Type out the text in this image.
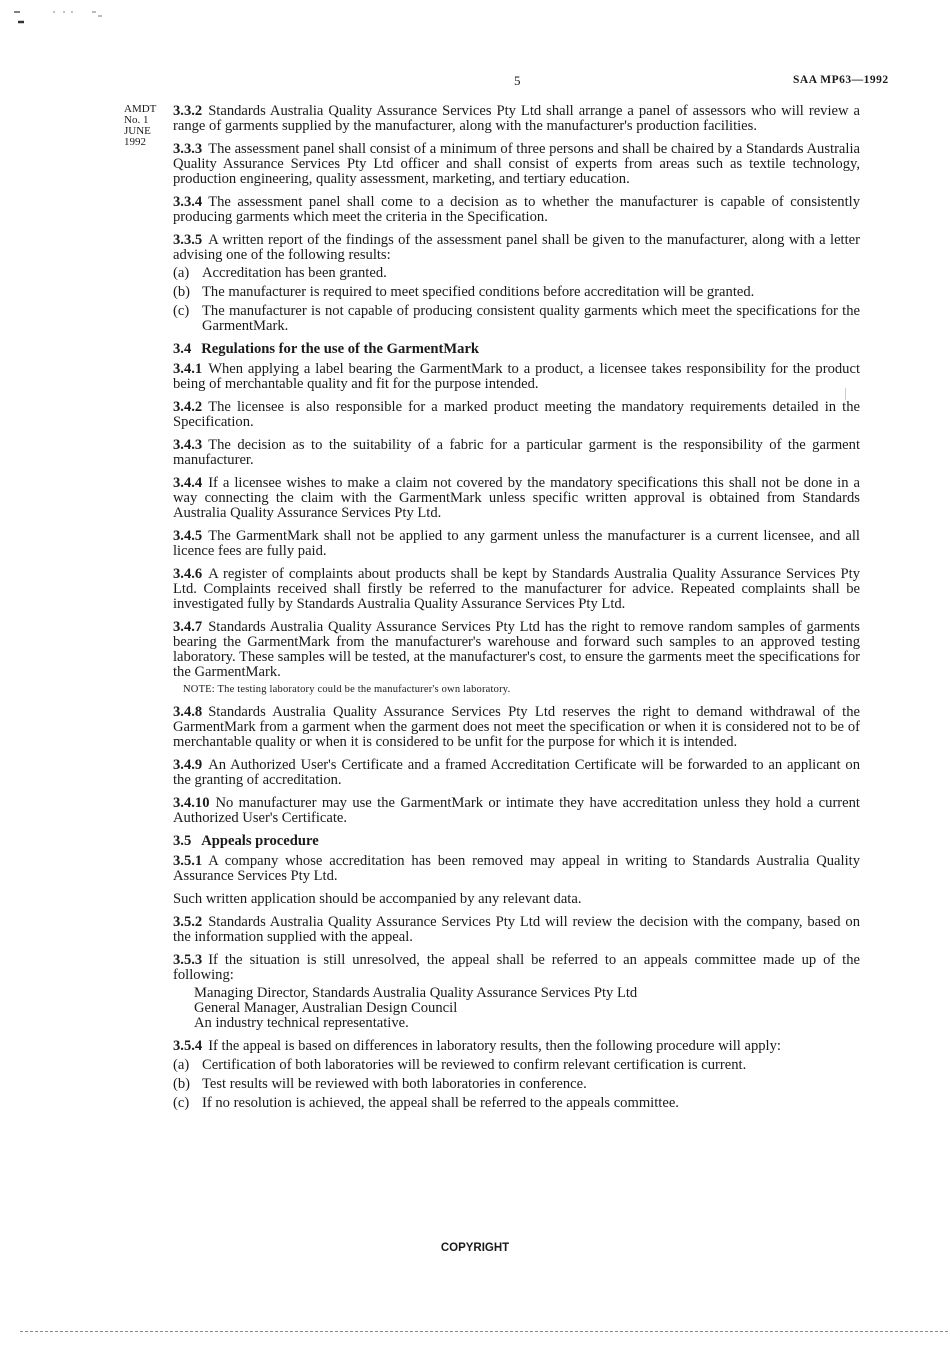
5	SAA MP63—1992
AMDT
No. 1
JUNE
1992

3.3.2 Standards Australia Quality Assurance Services Pty Ltd shall arrange a panel of assessors who will review a range of garments supplied by the manufacturer, along with the manufacturer's production facilities.

3.3.3 The assessment panel shall consist of a minimum of three persons and shall be chaired by a Standards Australia Quality Assurance Services Pty Ltd officer and shall consist of experts from areas such as textile technology, production engineering, quality assessment, marketing, and tertiary education.

3.3.4 The assessment panel shall come to a decision as to whether the manufacturer is capable of consistently producing garments which meet the criteria in the Specification.

3.3.5 A written report of the findings of the assessment panel shall be given to the manufacturer, along with a letter advising one of the following results:

(a) Accreditation has been granted.
(b) The manufacturer is required to meet specified conditions before accreditation will be granted.
(c) The manufacturer is not capable of producing consistent quality garments which meet the specifications for the GarmentMark.
3.4 Regulations for the use of the GarmentMark

3.4.1 When applying a label bearing the GarmentMark to a product, a licensee takes responsibility for the product being of merchantable quality and fit for the purpose intended.

3.4.2 The licensee is also responsible for a marked product meeting the mandatory requirements detailed in the Specification.

3.4.3 The decision as to the suitability of a fabric for a particular garment is the responsibility of the garment manufacturer.

3.4.4 If a licensee wishes to make a claim not covered by the mandatory specifications this shall not be done in a way connecting the claim with the GarmentMark unless specific written approval is obtained from Standards Australia Quality Assurance Services Pty Ltd.

3.4.5 The GarmentMark shall not be applied to any garment unless the manufacturer is a current licensee, and all licence fees are fully paid.

3.4.6 A register of complaints about products shall be kept by Standards Australia Quality Assurance Services Pty Ltd. Complaints received shall firstly be referred to the manufacturer for advice. Repeated complaints shall be investigated fully by Standards Australia Quality Assurance Services Pty Ltd.

3.4.7 Standards Australia Quality Assurance Services Pty Ltd has the right to remove random samples of garments bearing the GarmentMark from the manufacturer's warehouse and forward such samples to an approved testing laboratory. These samples will be tested, at the manufacturer's cost, to ensure the garments meet the specifications for the GarmentMark.

NOTE: The testing laboratory could be the manufacturer's own laboratory.

3.4.8 Standards Australia Quality Assurance Services Pty Ltd reserves the right to demand withdrawal of the GarmentMark from a garment when the garment does not meet the specification or when it is considered not to be of merchantable quality or when it is considered to be unfit for the purpose for which it is intended.

3.4.9 An Authorized User's Certificate and a framed Accreditation Certificate will be forwarded to an applicant on the granting of accreditation.

3.4.10 No manufacturer may use the GarmentMark or intimate they have accreditation unless they hold a current Authorized User's Certificate.

3.5 Appeals procedure

3.5.1 A company whose accreditation has been removed may appeal in writing to Standards Australia Quality Assurance Services Pty Ltd.

Such written application should be accompanied by any relevant data.

3.5.2 Standards Australia Quality Assurance Services Pty Ltd will review the decision with the company, based on the information supplied with the appeal.

3.5.3 If the situation is still unresolved, the appeal shall be referred to an appeals committee made up of the following:

Managing Director, Standards Australia Quality Assurance Services Pty Ltd
General Manager, Australian Design Council
An industry technical representative.

3.5.4 If the appeal is based on differences in laboratory results, then the following procedure will apply:

(a) Certification of both laboratories will be reviewed to confirm relevant certification is current.
(b) Test results will be reviewed with both laboratories in conference.
(c) If no resolution is achieved, the appeal shall be referred to the appeals committee.
COPYRIGHT
